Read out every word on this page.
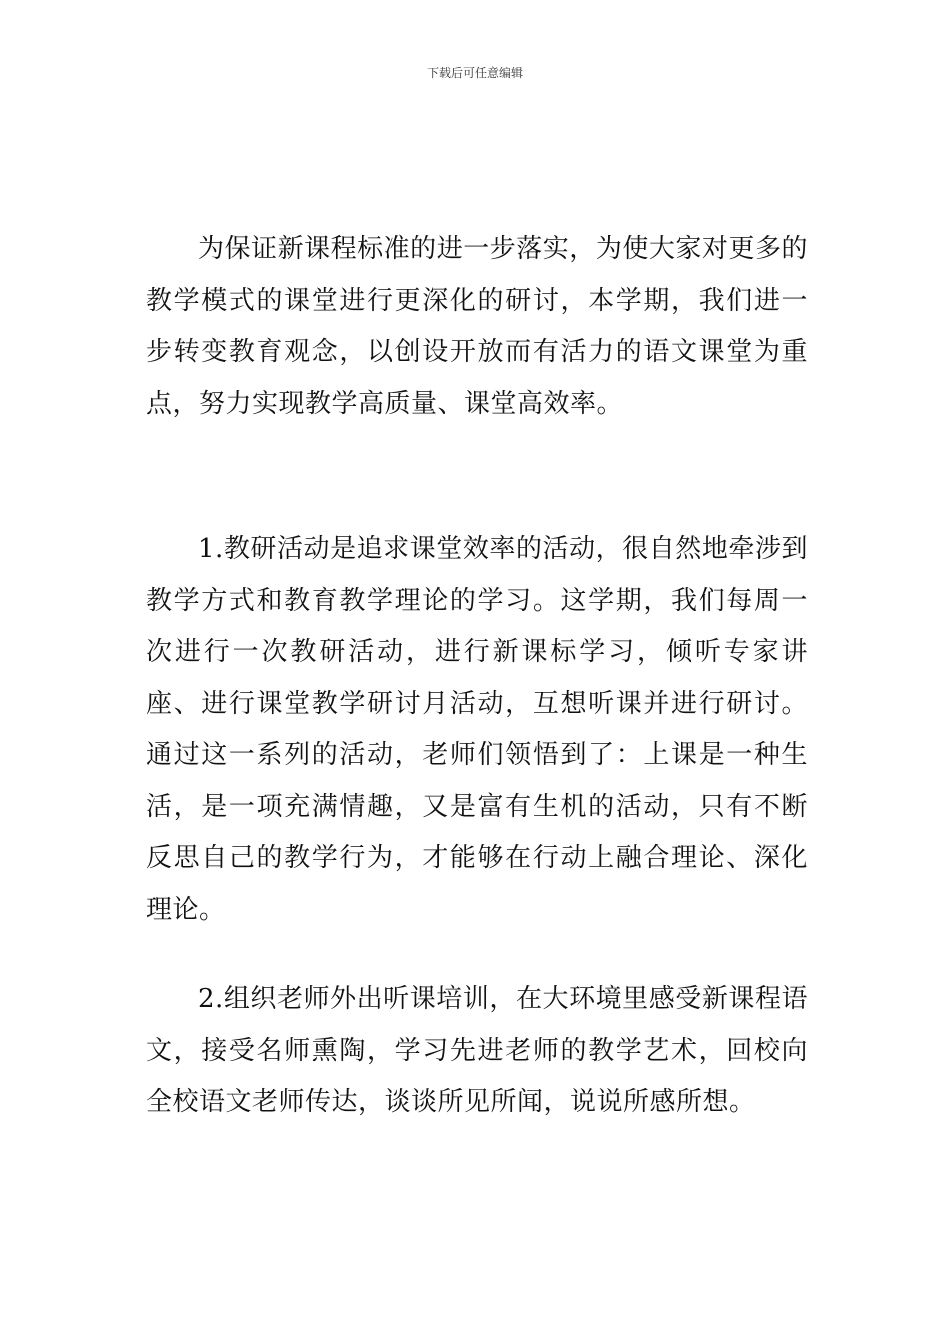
下载后可任意编辑

为保证新课程标准的进一步落实，为使大家对更多的教学模式的课堂进行更深化的研讨，本学期，我们进一步转变教育观念，以创设开放而有活力的语文课堂为重点，努力实现教学高质量、课堂高效率。

1.教研活动是追求课堂效率的活动，很自然地牵涉到教学方式和教育教学理论的学习。这学期，我们每周一次进行一次教研活动，进行新课标学习，倾听专家讲座、进行课堂教学研讨月活动，互想听课并进行研讨。通过这一系列的活动，老师们领悟到了：上课是一种生活，是一项充满情趣，又是富有生机的活动，只有不断反思自己的教学行为，才能够在行动上融合理论、深化理论。

2.组织老师外出听课培训，在大环境里感受新课程语文，接受名师熏陶，学习先进老师的教学艺术，回校向全校语文老师传达，谈谈所见所闻，说说所感所想。
